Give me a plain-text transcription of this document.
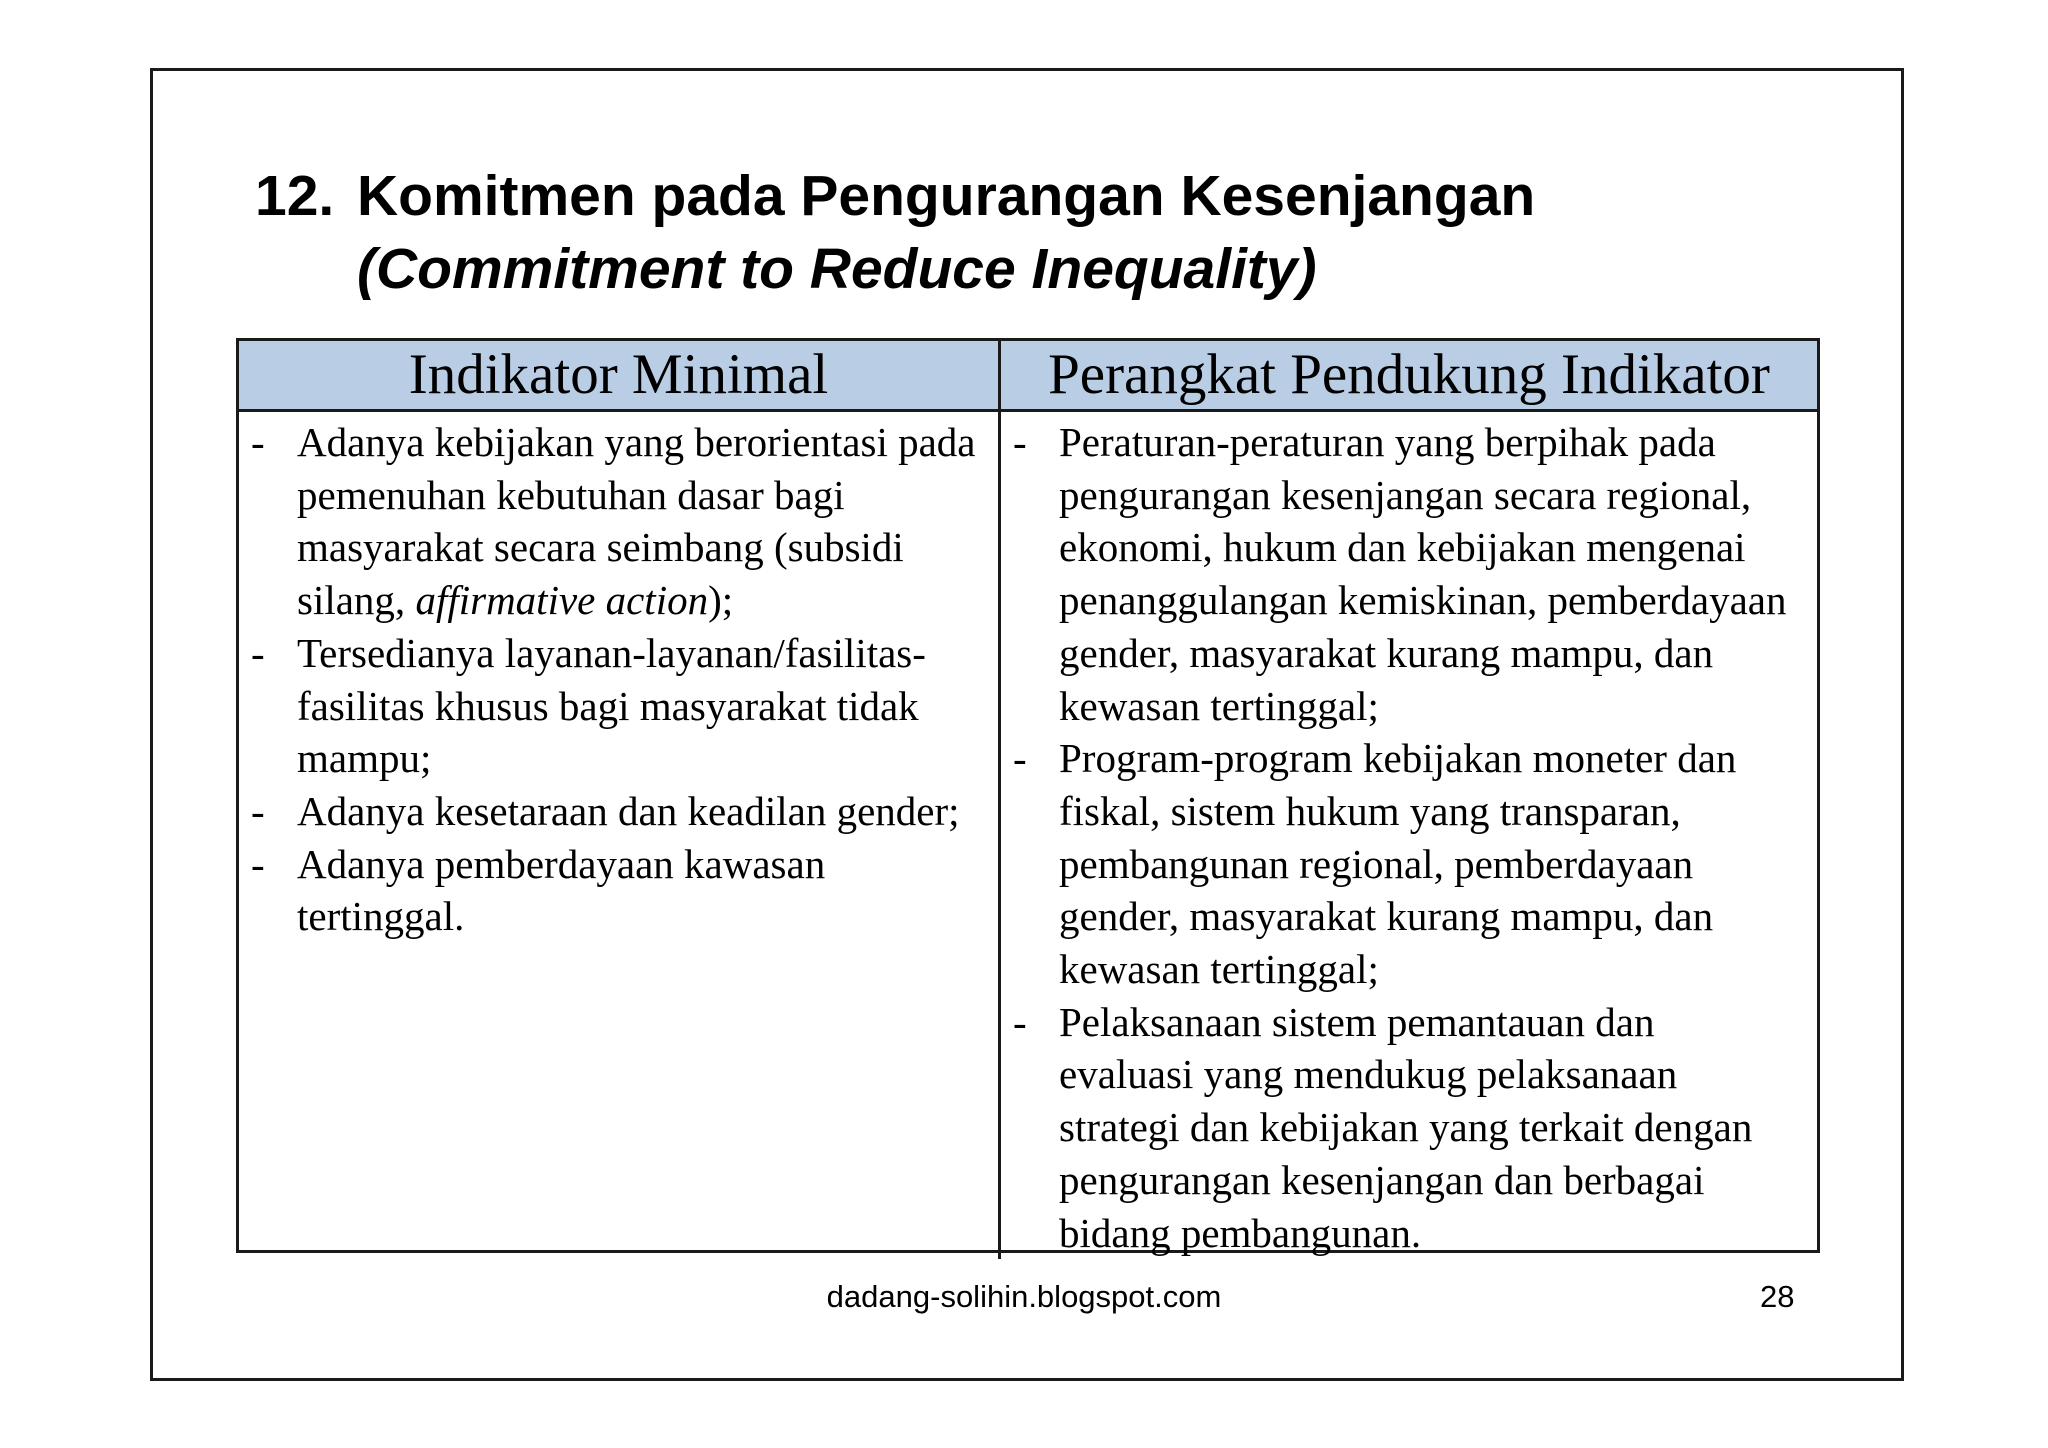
12. Komitmen pada Pengurangan Kesenjangan
(Commitment to Reduce Inequality)
Indikator Minimal	Perangkat Pendukung Indikator
- Adanya kebijakan yang berorientasi pada pemenuhan kebutuhan dasar bagi masyarakat secara seimbang (subsidi silang, affirmative action);
- Tersedianya layanan-layanan/fasilitas-fasilitas khusus bagi masyarakat tidak mampu;
- Adanya kesetaraan dan keadilan gender;
- Adanya pemberdayaan kawasan tertinggal.
- Peraturan-peraturan yang berpihak pada pengurangan kesenjangan secara regional, ekonomi, hukum dan kebijakan mengenai penanggulangan kemiskinan, pemberdayaan gender, masyarakat kurang mampu, dan kewasan tertinggal;
- Program-program kebijakan moneter dan fiskal, sistem hukum yang transparan, pembangunan regional, pemberdayaan gender, masyarakat kurang mampu, dan kewasan tertinggal;
- Pelaksanaan sistem pemantauan dan evaluasi yang mendukug pelaksanaan strategi dan kebijakan yang terkait dengan pengurangan kesenjangan dan berbagai bidang pembangunan.
dadang-solihin.blogspot.com	28
